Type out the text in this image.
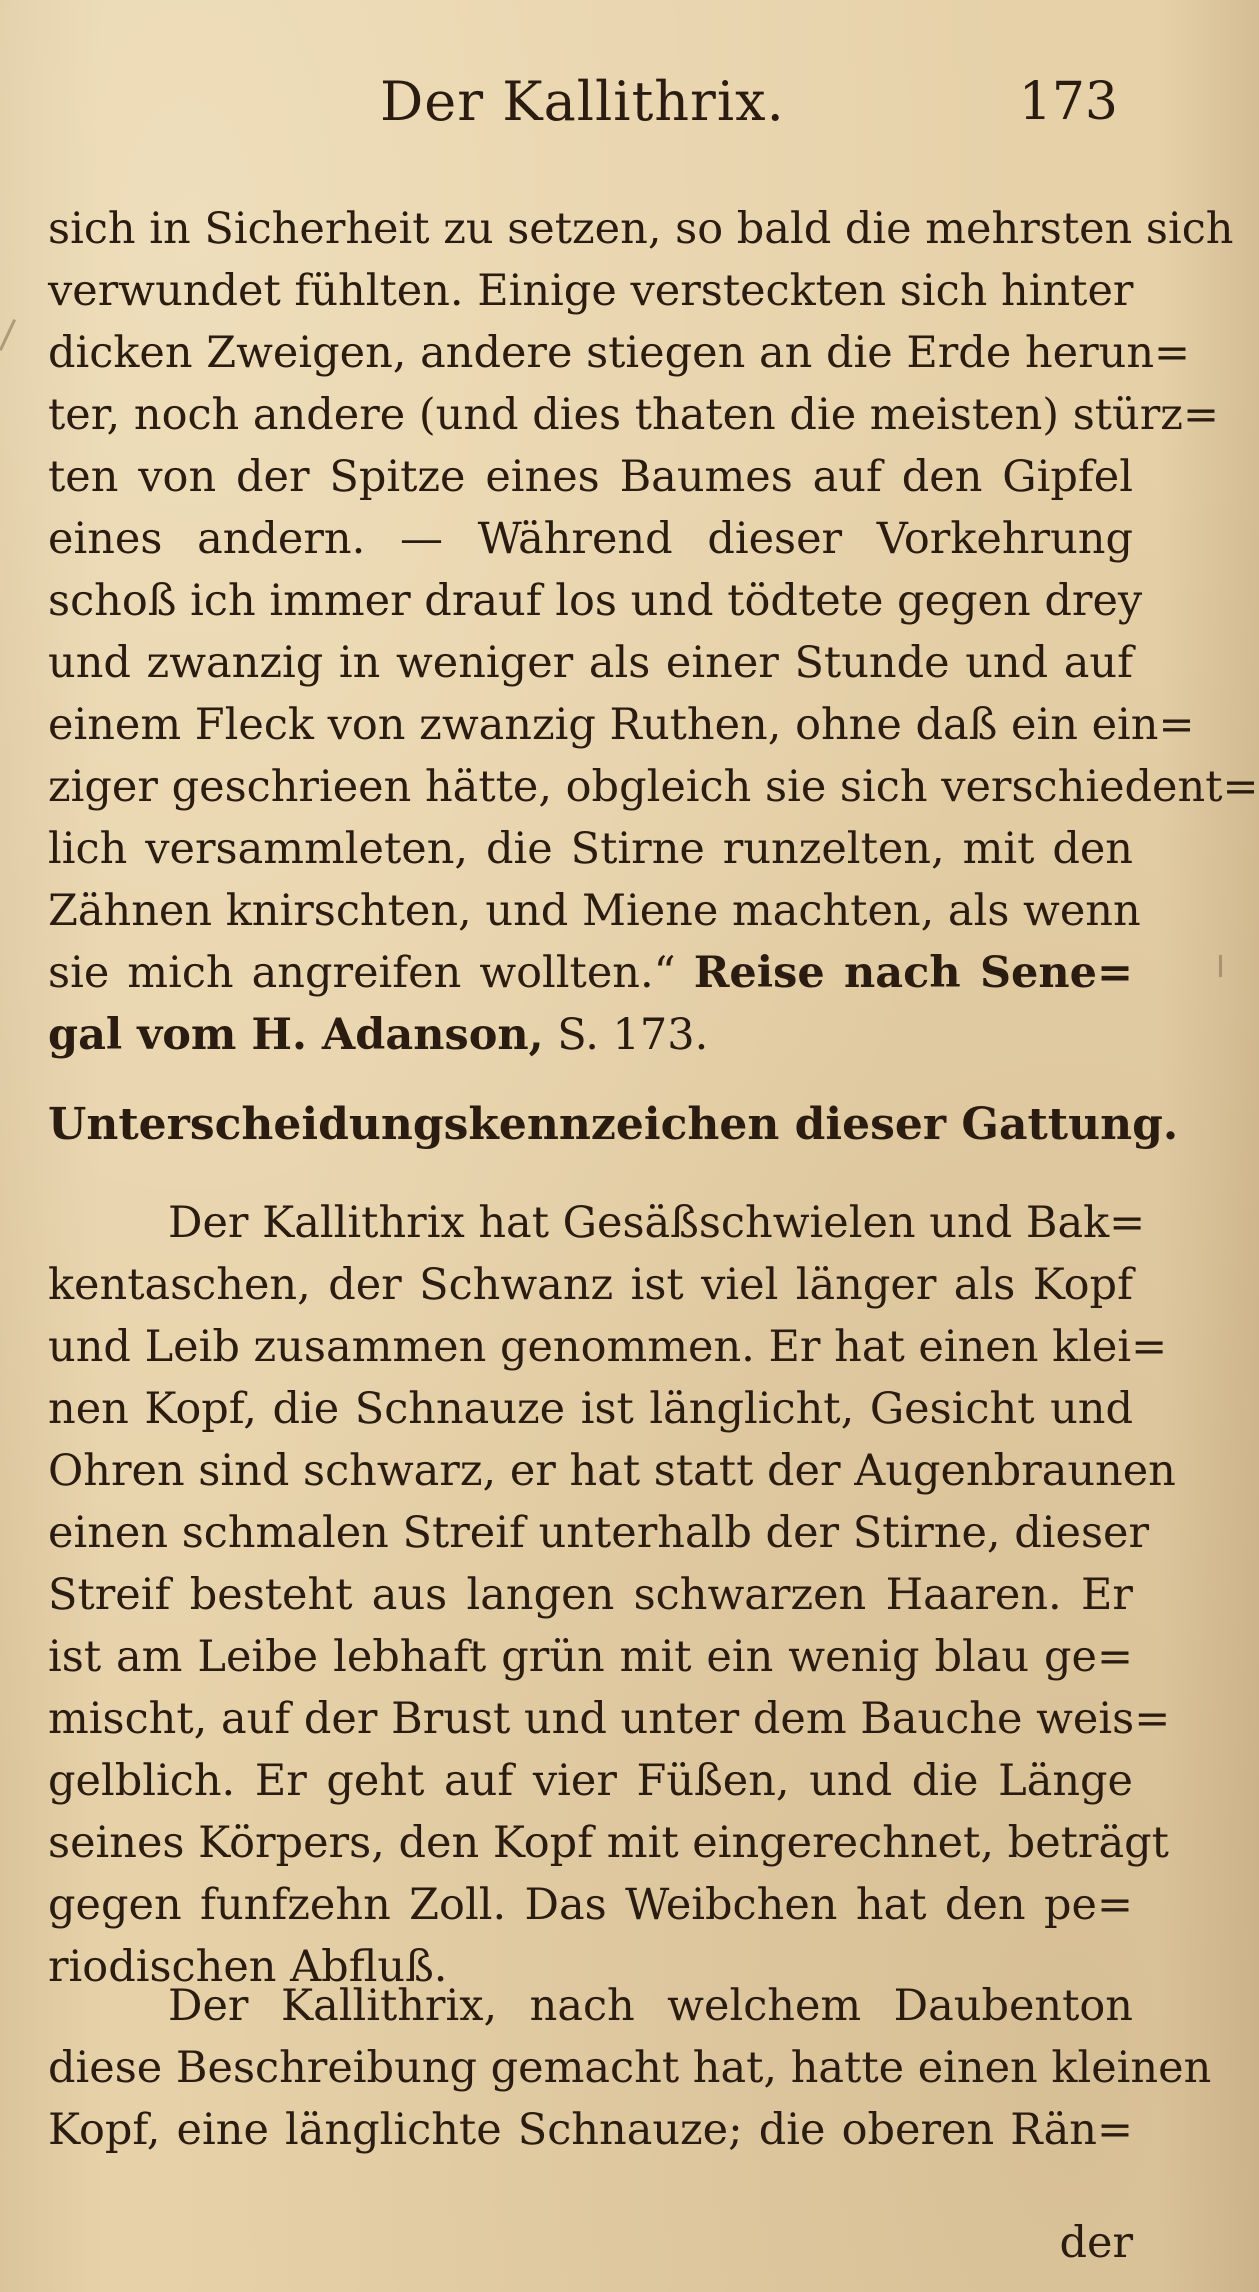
Der Kallithrix.	173
sich in Sicherheit zu setzen, so bald die mehrsten sich
verwundet fühlten. Einige versteckten sich hinter
dicken Zweigen, andere stiegen an die Erde herun=
ter, noch andere (und dies thaten die meisten) stürz=
ten von der Spitze eines Baumes auf den Gipfel
eines andern. — Während dieser Vorkehrung
schoß ich immer drauf los und tödtete gegen drey
und zwanzig in weniger als einer Stunde und auf
einem Fleck von zwanzig Ruthen, ohne daß ein ein=
ziger geschrieen hätte, obgleich sie sich verschiedent=
lich versammleten, die Stirne runzelten, mit den
Zähnen knirschten, und Miene machten, als wenn
sie mich angreifen wollten.“ Reise nach Sene=
gal vom H. Adanson, S. 173.
Unterscheidungskennzeichen dieser Gattung.
Der Kallithrix hat Gesäßschwielen und Bak=
kentaschen, der Schwanz ist viel länger als Kopf
und Leib zusammen genommen. Er hat einen klei=
nen Kopf, die Schnauze ist länglicht, Gesicht und
Ohren sind schwarz, er hat statt der Augenbraunen
einen schmalen Streif unterhalb der Stirne, dieser
Streif besteht aus langen schwarzen Haaren. Er
ist am Leibe lebhaft grün mit ein wenig blau ge=
mischt, auf der Brust und unter dem Bauche weis=
gelblich. Er geht auf vier Füßen, und die Länge
seines Körpers, den Kopf mit eingerechnet, beträgt
gegen funfzehn Zoll. Das Weibchen hat den pe=
riodischen Abfluß.
Der Kallithrix, nach welchem Daubenton
diese Beschreibung gemacht hat, hatte einen kleinen
Kopf, eine länglichte Schnauze; die oberen Rän=
der
